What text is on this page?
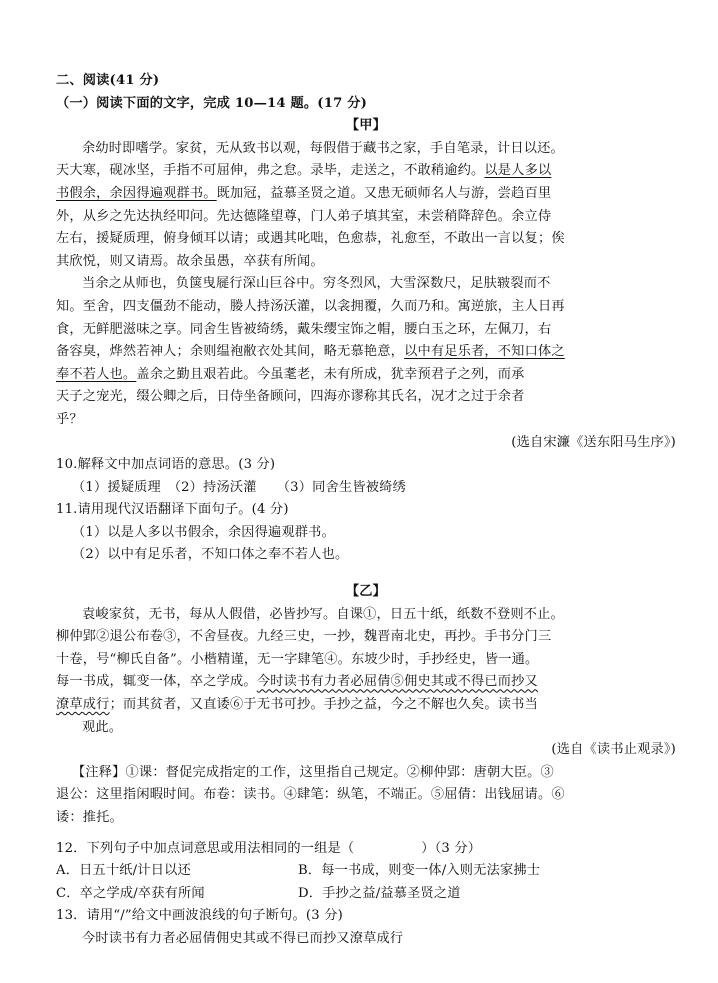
二、阅读(41 分)
（一）阅读下面的文字，完成 10—14 题。(17 分)
【甲】
余幼时即嗜学。家贫，无从致书以观，每假借于藏书之家，手自笔录，计日以还。
天大寒，砚冰坚，手指不可屈伸，弗之怠。录毕，走送之，不敢稍逾约。以是人多以
书假余，余因得遍观群书。既加冠，益慕圣贤之道。又患无硕师名人与游，尝趋百里
外，从乡之先达执经叩问。先达德隆望尊，门人弟子填其室，未尝稍降辞色。余立侍
左右，援疑质理，俯身倾耳以请；或遇其叱咄，色愈恭，礼愈至，不敢出一言以复；俟
其欣悦，则又请焉。故余虽愚，卒获有所闻。
当余之从师也，负箧曳屣行深山巨谷中。穷冬烈风，大雪深数尺，足肤皲裂而不
知。至舍，四支僵劲不能动，媵人持汤沃灌，以衾拥覆，久而乃和。寓逆旅，主人日再
食，无鲜肥滋味之享。同舍生皆被绮绣，戴朱缨宝饰之帽，腰白玉之环，左佩刀，右
备容臭，烨然若神人；余则缊袍敝衣处其间，略无慕艳意，以中有足乐者，不知口体之
奉不若人也。盖余之勤且艰若此。今虽耄老，未有所成，犹幸预君子之列，而承
天子之宠光，缀公卿之后，日侍坐备顾问，四海亦谬称其氏名，况才之过于余者
乎？
(选自宋濂《送东阳马生序》)
10.解释文中加点词语的意思。(3 分)
（1）援疑质理　（2）持汤沃灌　　（3）同舍生皆被绮绣
11.请用现代汉语翻译下面句子。(4 分)
（1）以是人多以书假余，余因得遍观群书。
（2）以中有足乐者，不知口体之奉不若人也。
【乙】
袁峻家贫，无书，每从人假借，必皆抄写。自课①，日五十纸，纸数不登则不止。
柳仲郢②退公布卷③，不舍昼夜。九经三史，一抄，魏晋南北史，再抄。手书分门三
十卷，号“柳氏自备”。小楷精谨，无一字肆笔④。东坡少时，手抄经史，皆一通。
每一书成，辄变一体，卒之学成。今时读书有力者必屈倩⑤佣史其或不得已而抄又
潦草成行；而其贫者，又直诿⑥于无书可抄。手抄之益，今之不解也久矣。读书当
观此。
(选自《读书止观录》)
【注释】①课：督促完成指定的工作，这里指自己规定。②柳仲郢：唐朝大臣。③
退公：这里指闲暇时间。布卷：读书。④肆笔：纵笔，不端正。⑤屈倩：出钱屈请。⑥
诿：推托。
12．下列句子中加点词意思或用法相同的一组是（　　　　　）（3 分）
A．日五十纸/计日以还	B．每一书成，则变一体/入则无法家拂士
C．卒之学成/卒获有所闻	D．手抄之益/益慕圣贤之道
13．请用“/”给文中画波浪线的句子断句。(3 分)
今时读书有力者必屈倩佣史其或不得已而抄又潦草成行
